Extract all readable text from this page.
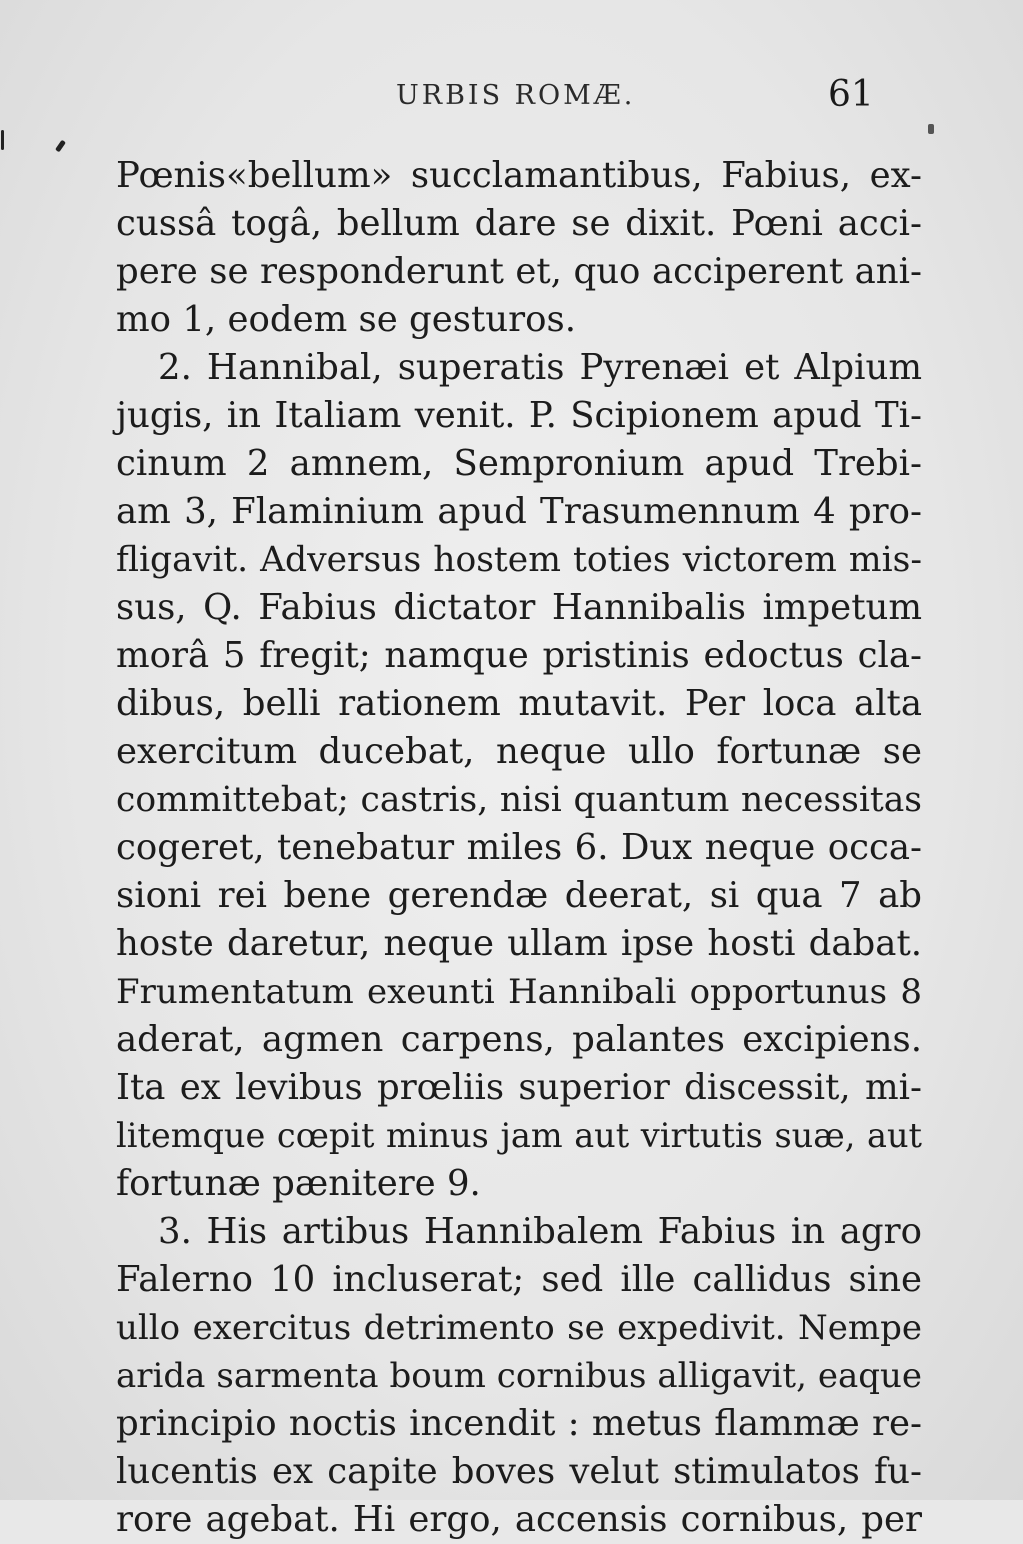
URBIS ROMÆ.	61
Pœnis«bellum» succlamantibus, Fabius, ex-
cussâ togâ, bellum dare se dixit. Pœni acci-
pere se responderunt et, quo acciperent ani-
mo 1, eodem se gesturos.
2. Hannibal, superatis Pyrenæi et Alpium
jugis, in Italiam venit. P. Scipionem apud Ti-
cinum 2 amnem, Sempronium apud Trebi-
am 3, Flaminium apud Trasumennum 4 pro-
fligavit. Adversus hostem toties victorem mis-
sus, Q. Fabius dictator Hannibalis impetum
morâ 5 fregit; namque pristinis edoctus cla-
dibus, belli rationem mutavit. Per loca alta
exercitum ducebat, neque ullo fortunæ se
committebat; castris, nisi quantum necessitas
cogeret, tenebatur miles 6. Dux neque occa-
sioni rei bene gerendæ deerat, si qua 7 ab
hoste daretur, neque ullam ipse hosti dabat.
Frumentatum exeunti Hannibali opportunus 8
aderat, agmen carpens, palantes excipiens.
Ita ex levibus prœliis superior discessit, mi-
litemque cœpit minus jam aut virtutis suæ, aut
fortunæ pænitere 9.
3. His artibus Hannibalem Fabius in agro
Falerno 10 incluserat; sed ille callidus sine
ullo exercitus detrimento se expedivit. Nempe
arida sarmenta boum cornibus alligavit, eaque
principio noctis incendit : metus flammæ re-
lucentis ex capite boves velut stimulatos fu-
rore agebat. Hi ergo, accensis cornibus, per
